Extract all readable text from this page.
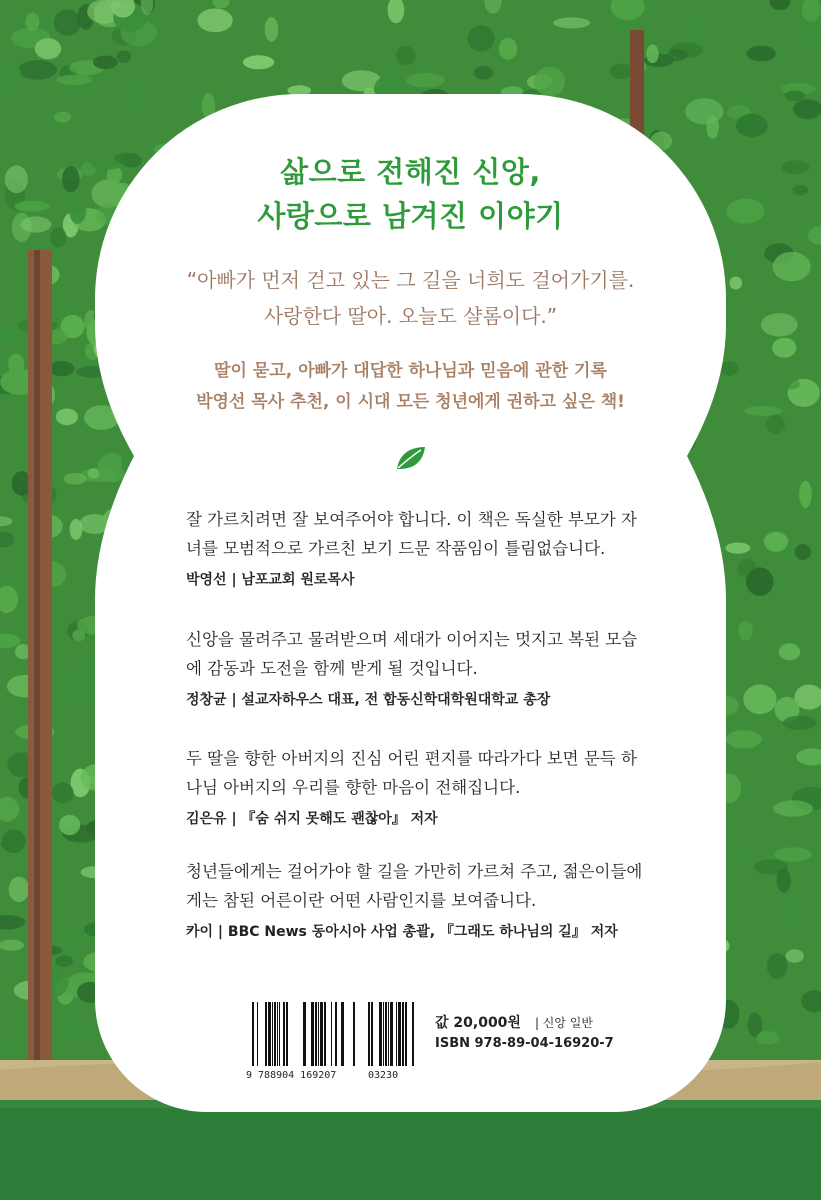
삶으로 전해진 신앙,
사랑으로 남겨진 이야기
“아빠가 먼저 걷고 있는 그 길을 너희도 걸어가기를.
사랑한다 딸아. 오늘도 샬롬이다.”
딸이 묻고, 아빠가 대답한 하나님과 믿음에 관한 기록
박영선 목사 추천, 이 시대 모든 청년에게 권하고 싶은 책!

잘 가르치려면 잘 보여주어야 합니다. 이 책은 독실한 부모가 자

녀를 모범적으로 가르친 보기 드문 작품임이 틀림없습니다.

박영선 | 남포교회 원로목사

신앙을 물려주고 물려받으며 세대가 이어지는 멋지고 복된 모습

에 감동과 도전을 함께 받게 될 것입니다.

정창균 | 설교자하우스 대표, 전 합동신학대학원대학교 총장

두 딸을 향한 아버지의 진심 어린 편지를 따라가다 보면 문득 하

나님 아버지의 우리를 향한 마음이 전해집니다.

김은유 | 『숨 쉬지 못해도 괜찮아』 저자

청년들에게는 걸어가야 할 길을 가만히 가르쳐 주고, 젊은이들에

게는 참된 어른이란 어떤 사람인지를 보여줍니다.

카이 | BBC News 동아시아 사업 총괄, 『그래도 하나님의 길』 저자
9 788904 169207	03230
값 20,000원 | 신앙 일반
ISBN 978-89-04-16920-7
